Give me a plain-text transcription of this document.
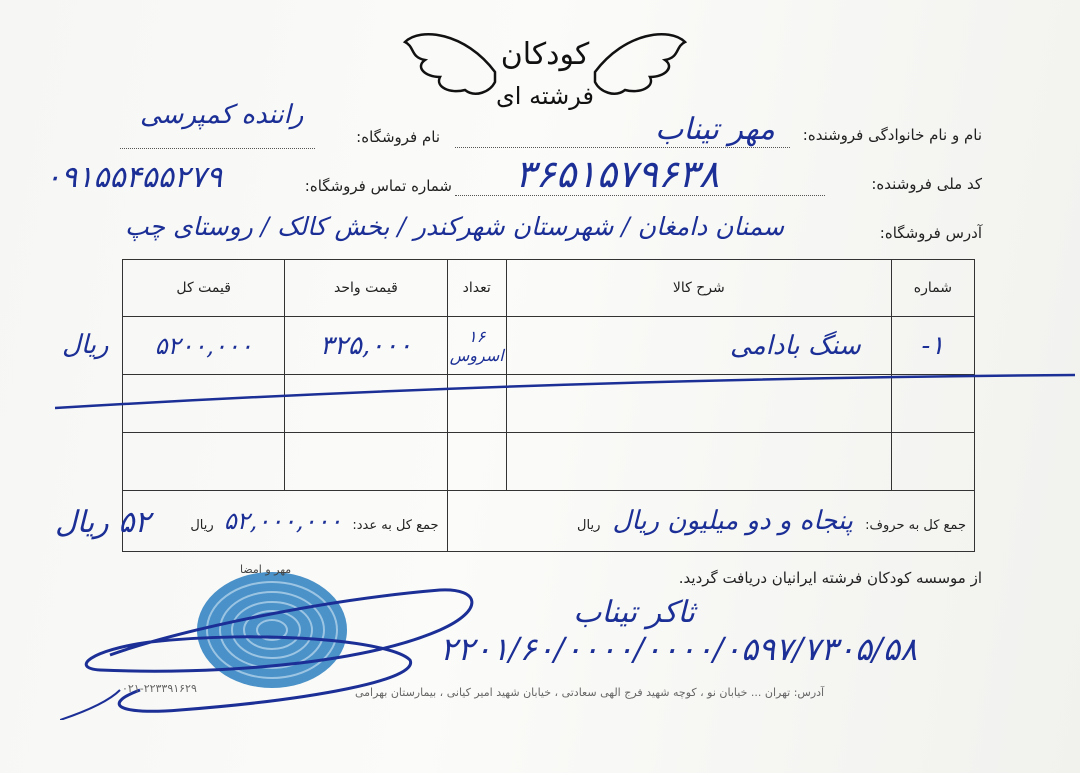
کودکان
فرشته ای
نام و نام خانوادگی فروشنده:
مهر تیناب
نام فروشگاه:
راننده کمپرسی
کد ملی فروشنده:
۳۶۵۱۵۷۹۶۳۸
شماره تماس فروشگاه:
۰۹۱۵۵۴۵۵۲۷۹
آدرس فروشگاه:
سمنان دامغان / شهرستان شهرکندر / بخش کالک / روستای چپ
شماره	شرح کالا	تعداد	قیمت واحد	قیمت کل
۱-	سنگ بادامی	۱۶ اسروس	۳۲۵,۰۰۰	۵۲۰۰,۰۰۰

جمع کل به حروف: پنجاه و دو میلیون ریال ریال			جمع کل به عدد: ۵۲,۰۰۰,۰۰۰ ریال	
ریال
۵۲ ریال
از موسسه کودکان فرشته ایرانیان دریافت گردید.
ثاکر تیناب
مهر و امضا
۲۲۰۱/۶۰/۰۰۰۰/۰۰۰۰/۰۵۹۷/۷۳۰۵/۵۸
آدرس: تهران ... خیابان نو ، کوچه شهید فرج الهی سعادتی ، خیابان شهید امیر کیانی ، بیمارستان بهرامی
۰۲۱-۲۲۳۳۹۱۶۲۹
